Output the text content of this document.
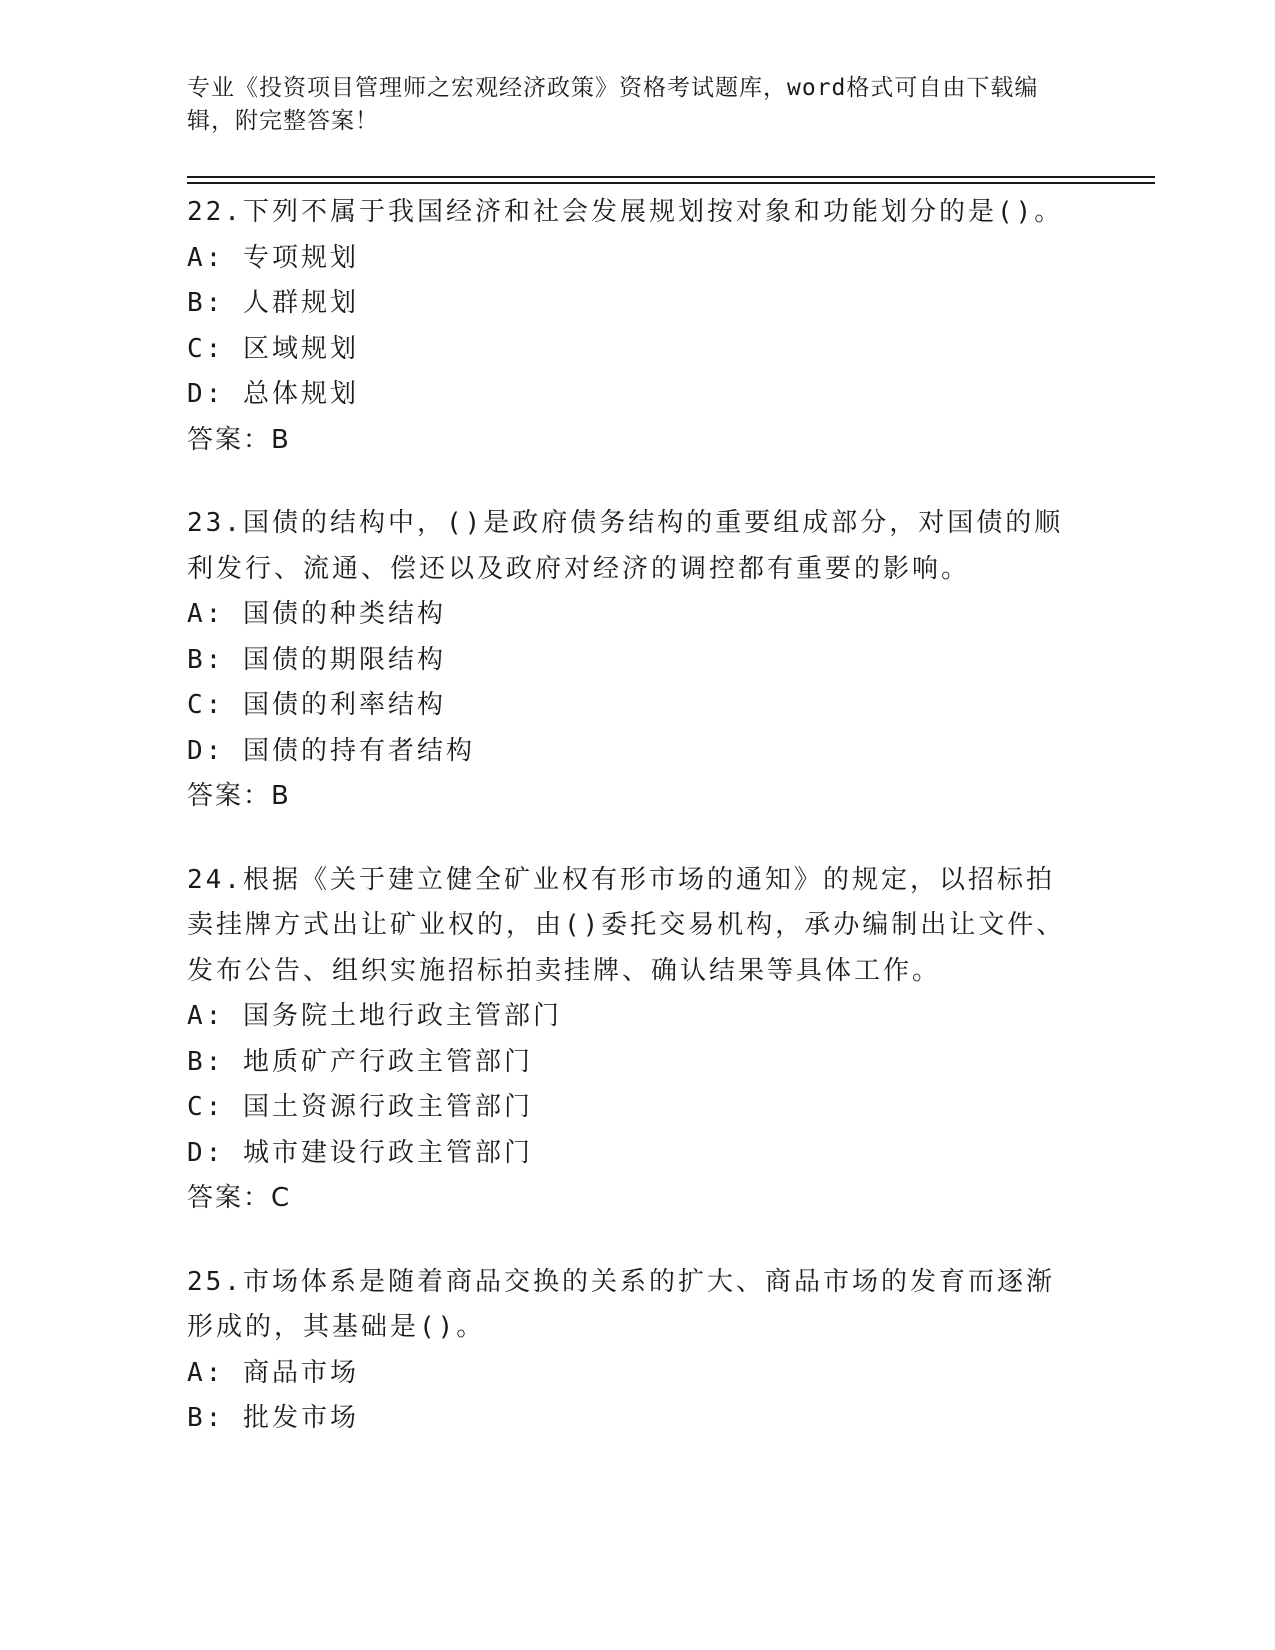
专业《投资项目管理师之宏观经济政策》资格考试题库，word格式可自由下载编
辑，附完整答案！
22.下列不属于我国经济和社会发展规划按对象和功能划分的是()。
A: 专项规划
B: 人群规划
C: 区域规划
D: 总体规划
答案：B
23.国债的结构中，()是政府债务结构的重要组成部分，对国债的顺利发行、流通、偿还以及政府对经济的调控都有重要的影响。
A: 国债的种类结构
B: 国债的期限结构
C: 国债的利率结构
D: 国债的持有者结构
答案：B
24.根据《关于建立健全矿业权有形市场的通知》的规定，以招标拍卖挂牌方式出让矿业权的，由()委托交易机构，承办编制出让文件、发布公告、组织实施招标拍卖挂牌、确认结果等具体工作。
A: 国务院土地行政主管部门
B: 地质矿产行政主管部门
C: 国土资源行政主管部门
D: 城市建设行政主管部门
答案：C
25.市场体系是随着商品交换的关系的扩大、商品市场的发育而逐渐形成的，其基础是()。
A: 商品市场
B: 批发市场
